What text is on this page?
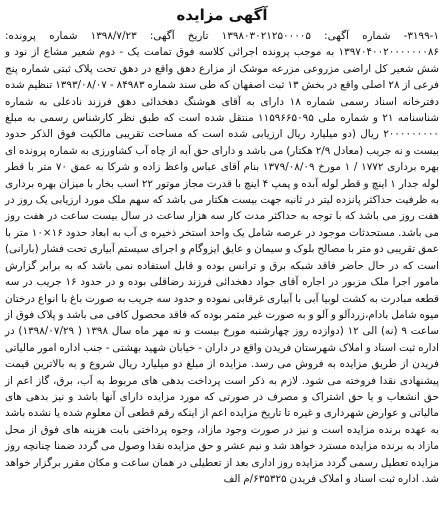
آگهی مزایده

۳۱۹۹-۱- شماره آگهی: ۱۳۹۸۰۳۰۲۱۲۵۰۰۰۰۵ تاریخ آگهی: ۱۳۹۸/۷/۲۳ شماره پرونده: ۱۳۹۷۰۴۰۰۲۰۰۰۰۰۰۰۸۶ به موجب پرونده اجرائی کلاسه فوق تمامت یک - دوم شعیر مشاع از نود و شش شعیر کل اراضی مزروعی مزرعه موشک از مزارع دهق واقع در دهق تحت پلاک ثبتی شماره پنج فرعی از ۲۸ اصلی واقع در بخش ۱۳ ثبت اصفهان که طی سند شماره ۸۴۹۸۳ - ۱۳۹۳/۰۸/۰۷ تنظیم شده دفترخانه اسناد رسمی شماره ۱۸ دارای به آقای هوشنگ دهخدائی دهق فرزند نادعلی به شماره شناسنامه ۲۱ و شماره ملی ۱۱۵۹۶۶۵۰۹۵ منتقل شده است که طبق نظر کارشناس رسمی به مبلغ ۲۰۰۰۰۰۰۰۰۰ ریال (دو میلیارد ریال ارزیابی شده است که مساحت تقریبی مالکیت فوق الذکر حدود بیست و نه جریب (معادل ۲/۹ هکتار) می باشد و دارای حق آبه از چاه آب کشاورزی به شماره پرونده ای بهره برداری ۱۷۷۲ / ۱ مورخ ۱۳۷۹/۰۸/۰۹ بنام آقای عباس واعظ زاده و شرکا به عمق ۷۰ متر با قطر لوله جدار ۱ اینچ و قطر لوله آبده و پمپ ۴ اینچ با قدرت مجاز موتور ۲۲ اسب بخار با میزان بهره برداری به ظرفیت حداکثر پانزده لیتر در ثانیه جهت بیست هکتار می باشد که سهم ملک مورد ارزیابی یک روز در هفت روز می باشد که با توجه به حداکثر مدت کار سه هزار ساعت در سال بیست ساعت در هفت روز می باشد. مستحدثات موجود در عرصه شامل یک واحد استخر ذخیره ی آب به ابعاد حدود ۱۶×۱۰ متر با عمق تقریبی دو متر با مصالح بلوک و سیمان و عایق ایزوگام و اجرای سیستم آبیاری تحت فشار (بارانی) است که در حال حاضر فاقد شبکه برق و ترانس بوده و قابل استفاده نمی باشد که به برابر گزارش مامور اجرا ملک مزبور در اجاره آقای جواد دهخدائی فرزند رضاقلی بوده و در حدود ۱۶ جریب در سه قطعه مبادرت به کشت لوبیا آبی با آبیاری غرقابی نموده و حدود سه جریب به صورت باغ با انواع درختان میوه شامل بادام،زردآلو و آلو و به صورت غیر مثمر بوده که فاقد محصول کافی می باشد و پلاک فوق از ساعت ۹ (نه) الی ۱۲ (دوازده روز چهارشنبه مورخ بیست و نه مهر ماه سال ۱۳۹۸ ( ۱۳۹۸/۰۷/۲۹) در اداره ثبت اسناد و املاک شهرستان فریدن واقع در داران - خیابان شهید بهشتی - جنب اداره امور مالیاتی فریدن از طریق مزایده به فروش می رسد. مزایده از مبلغ دو میلیارد ریال شروع و به بالاترین قیمت پیشنهادی نقدا فروخته می شود. لازم به ذکر است پرداخت بدهی های مربوط به آب، برق، گاز اعم از حق انشعاب و یا حق اشتراک و مصرف در صورتی که مورد مزایده دارای آنها باشد و نیز بدهی های مالیاتی و عوارض شهرداری و غیره تا تاریخ مزایده اعم از اینکه رقم قطعی آن معلوم شده یا نشده باشد به عهده برنده مزایده است و نیز در صورت وجود مازاد، وجوه پرداختی بابت هزینه های فوق از محل مازاد به برنده مزایده مسترد خواهد شد و نیم عشر و حق مزایده نقدا وصول می گردد ضمنا چنانچه روز مزایده تعطیل رسمی گردد مزایده روز اداری بعد از تعطیلی در همان ساعت و مکان مقرر برگزار خواهد شد. اداره ثبت اسناد و املاک فریدن ۶۳۵۳۲۵/م الف
